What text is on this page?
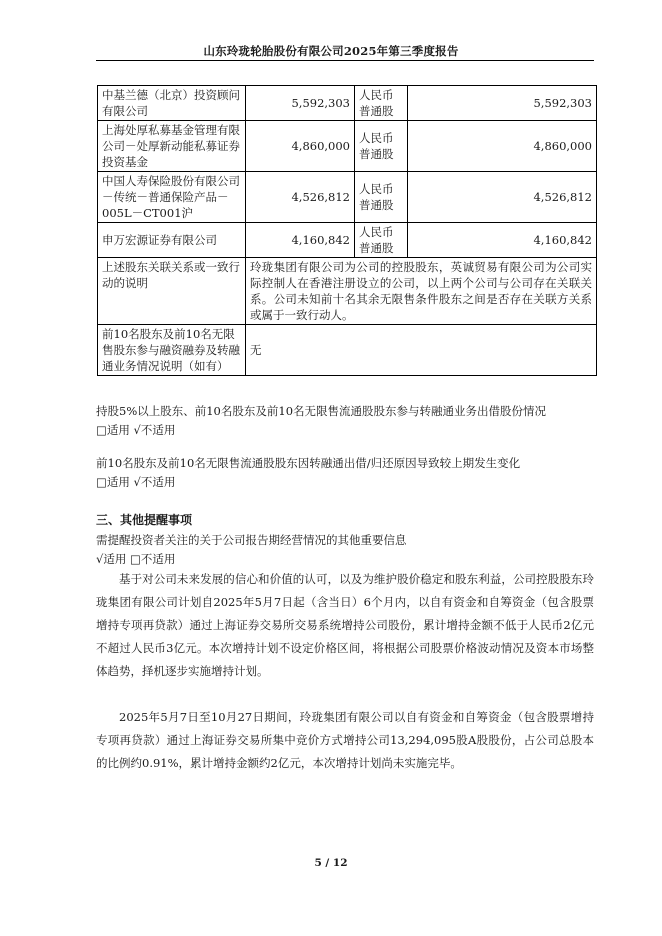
山东玲珑轮胎股份有限公司2025年第三季度报告
中基兰德（北京）投资顾问有限公司	5,592,303	人民币普通股	5,592,303
上海处厚私募基金管理有限公司－处厚新动能私募证券投资基金	4,860,000	人民币普通股	4,860,000
中国人寿保险股份有限公司－传统－普通保险产品－005L－CT001沪	4,526,812	人民币普通股	4,526,812
申万宏源证券有限公司	4,160,842	人民币普通股	4,160,842
上述股东关联关系或一致行动的说明	玲珑集团有限公司为公司的控股股东，英诚贸易有限公司为公司实际控制人在香港注册设立的公司，以上两个公司与公司存在关联关系。公司未知前十名其余无限售条件股东之间是否存在关联方关系或属于一致行动人。		
前10名股东及前10名无限售股东参与融资融券及转融通业务情况说明（如有）	无		
持股5%以上股东、前10名股东及前10名无限售流通股股东参与转融通业务出借股份情况
□适用 √不适用
前10名股东及前10名无限售流通股股东因转融通出借/归还原因导致较上期发生变化
□适用 √不适用
三、其他提醒事项
需提醒投资者关注的关于公司报告期经营情况的其他重要信息
√适用 □不适用
基于对公司未来发展的信心和价值的认可，以及为维护股价稳定和股东利益，公司控股股东玲珑集团有限公司计划自2025年5月7日起（含当日）6个月内，以自有资金和自筹资金（包含股票增持专项再贷款）通过上海证券交易所交易系统增持公司股份，累计增持金额不低于人民币2亿元不超过人民币3亿元。本次增持计划不设定价格区间，将根据公司股票价格波动情况及资本市场整体趋势，择机逐步实施增持计划。
2025年5月7日至10月27日期间，玲珑集团有限公司以自有资金和自筹资金（包含股票增持专项再贷款）通过上海证券交易所集中竞价方式增持公司13,294,095股A股股份，占公司总股本的比例约0.91%，累计增持金额约2亿元，本次增持计划尚未实施完毕。
5 / 12
